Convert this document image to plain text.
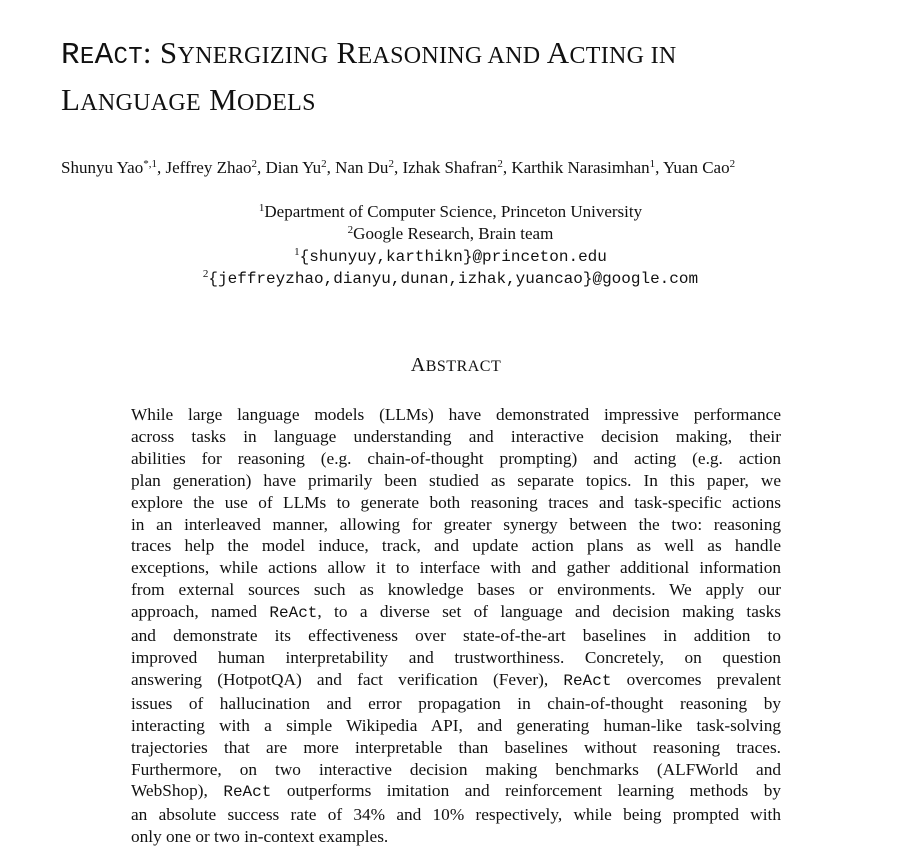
REACT: SYNERGIZING REASONING AND ACTING IN
LANGUAGE MODELS
Shunyu Yao$^{*,1}$, Jeffrey Zhao$^2$, Dian Yu$^2$, Nan Du$^2$, Izhak Shafran$^2$, Karthik Narasimhan$^1$, Yuan Cao$^2$
$^1$Department of Computer Science, Princeton University
$^2$Google Research, Brain team
$^1${shunyuy,karthikn}@princeton.edu
$^2${jeffreyzhao,dianyu,dunan,izhak,yuancao}@google.com
ABSTRACT
While large language models (LLMs) have demonstrated impressive performance
across tasks in language understanding and interactive decision making, their
abilities for reasoning (e.g. chain-of-thought prompting) and acting (e.g. action
plan generation) have primarily been studied as separate topics. In this paper, we
explore the use of LLMs to generate both reasoning traces and task-specific actions
in an interleaved manner, allowing for greater synergy between the two: reasoning
traces help the model induce, track, and update action plans as well as handle
exceptions, while actions allow it to interface with and gather additional information
from external sources such as knowledge bases or environments. We apply our
approach, named ReAct, to a diverse set of language and decision making tasks
and demonstrate its effectiveness over state-of-the-art baselines in addition to
improved human interpretability and trustworthiness. Concretely, on question
answering (HotpotQA) and fact verification (Fever), ReAct overcomes prevalent
issues of hallucination and error propagation in chain-of-thought reasoning by
interacting with a simple Wikipedia API, and generating human-like task-solving
trajectories that are more interpretable than baselines without reasoning traces.
Furthermore, on two interactive decision making benchmarks (ALFWorld and
WebShop), ReAct outperforms imitation and reinforcement learning methods by
an absolute success rate of 34% and 10% respectively, while being prompted with
only one or two in-context examples.
